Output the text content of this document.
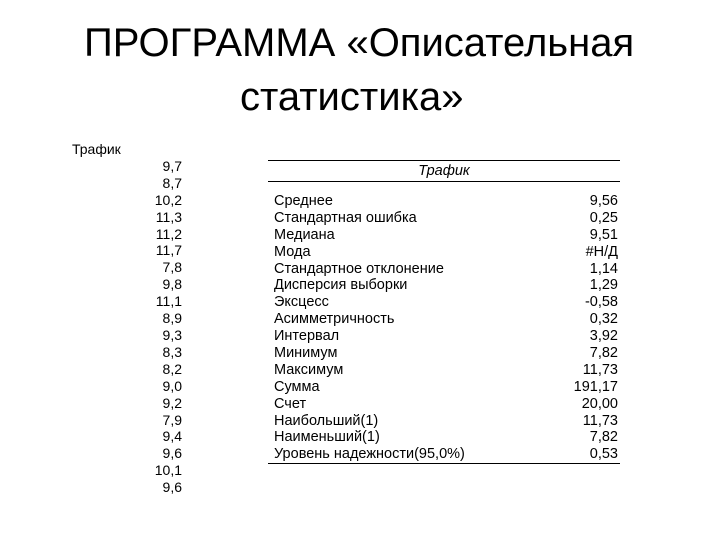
ПРОГРАММА «Описательная
статистика»
Трафик
9,7
8,7
10,2
11,3
11,2
11,7
7,8
9,8
11,1
8,9
9,3
8,3
8,2
9,0
9,2
7,9
9,4
9,6
10,1
9,6
Трафик
Среднее	9,56
Стандартная ошибка	0,25
Медиана	9,51
Мода	#Н/Д
Стандартное отклонение	1,14
Дисперсия выборки	1,29
Эксцесс	-0,58
Асимметричность	0,32
Интервал	3,92
Минимум	7,82
Максимум	11,73
Сумма	191,17
Счет	20,00
Наибольший(1)	11,73
Наименьший(1)	7,82
Уровень надежности(95,0%)	0,53
